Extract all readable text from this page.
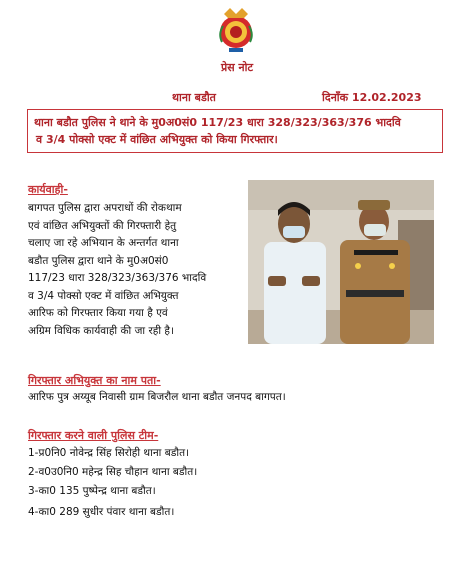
प्रेस नोट
थाना बडौत	दिनाँक 12.02.2023
थाना बडौत पुलिस ने थाने के मु0अ0सं0 117/23 धारा 328/323/363/376 भादवि
व 3/4 पोक्सो एक्ट में वांछित अभियुक्त को किया गिरफ्तार।
कार्यवाही-

बागपत पुलिस द्वारा अपराधों की रोकथाम

एवं वांछित अभियुक्तों की गिरफ्तारी हेतु

चलाए जा रहे अभियान के अन्तर्गत थाना

बडौत पुलिस द्वारा थाने के मु0अ0सं0

117/23 धारा 328/323/363/376 भादवि

व 3/4 पोक्सो एक्ट में वांछित अभियुक्त

आरिफ को गिरफ्तार किया गया है एवं

अग्रिम विधिक कार्यवाही की जा रही है।

गिरफ्तार अभियुक्त का नाम पता-
आरिफ पुत्र अय्यूब निवासी ग्राम बिजरौल थाना बडौत जनपद बागपत।
गिरफ्तार करने वाली पुलिस टीम-
1-प्र0नि0 नोवेन्द्र सिंह सिरोही थाना बडौत।
2-व0उ0नि0 महेन्द्र सिह चौहान थाना बडौत।
3-का0 135 पुष्पेन्द्र थाना बडौत।
4-का0 289 सुधीर पंवार थाना बडौत।
